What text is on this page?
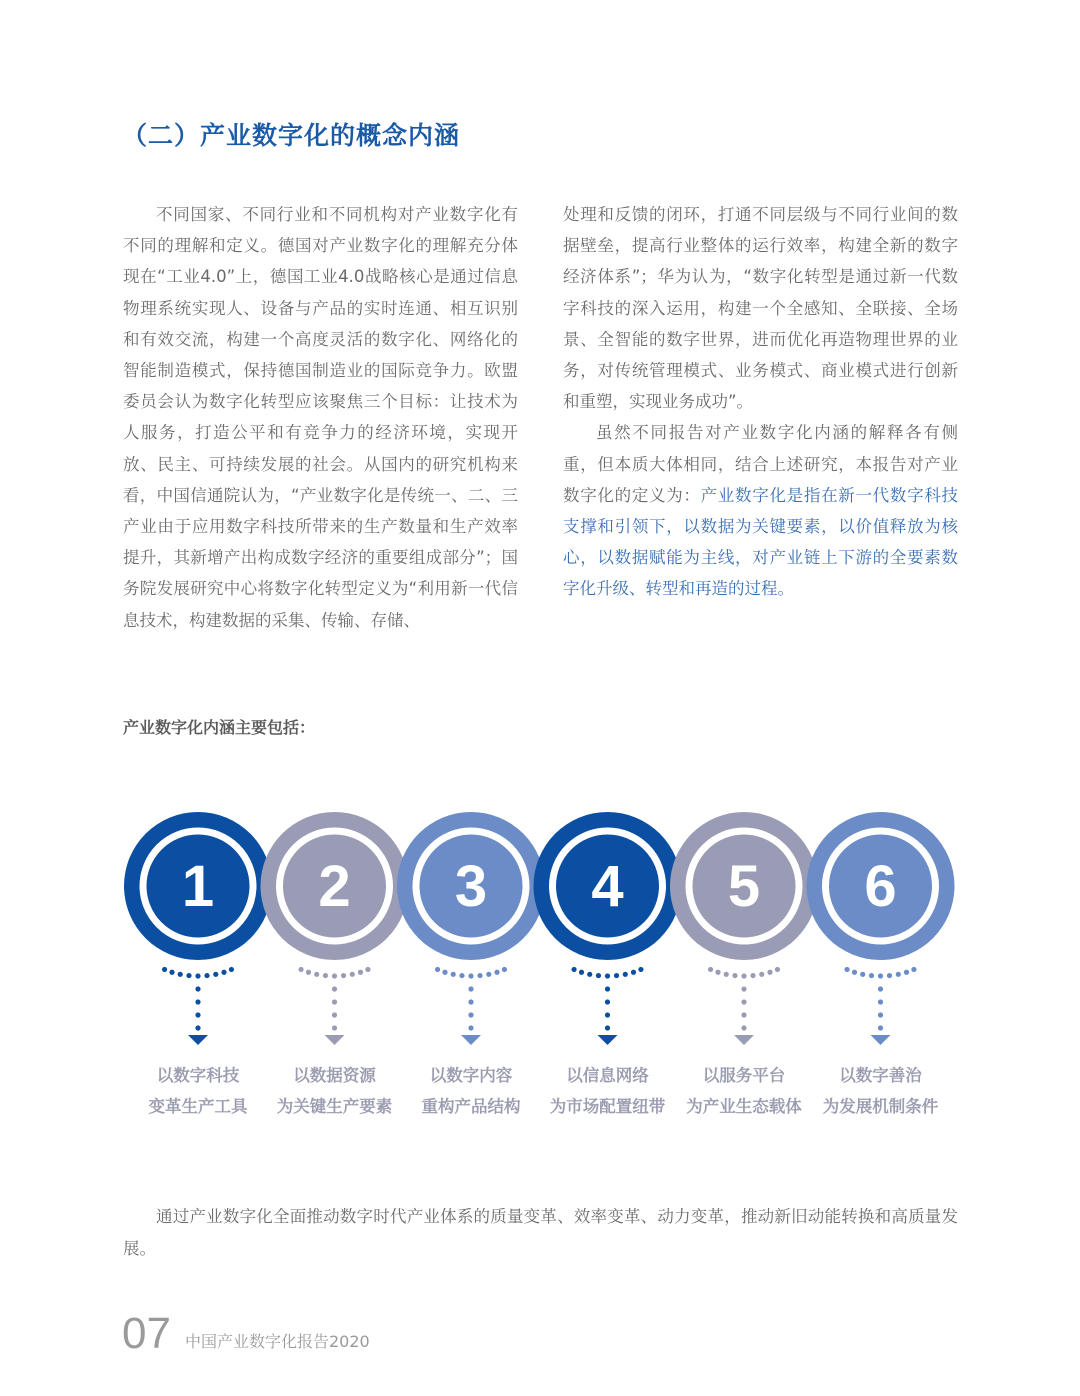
（二）产业数字化的概念内涵

不同国家、不同行业和不同机构对产业数字化有不同的理解和定义。德国对产业数字化的理解充分体现在“工业4.0”上，德国工业4.0战略核心是通过信息物理系统实现人、设备与产品的实时连通、相互识别和有效交流，构建一个高度灵活的数字化、网络化的智能制造模式，保持德国制造业的国际竞争力。欧盟委员会认为数字化转型应该聚焦三个目标：让技术为人服务，打造公平和有竞争力的经济环境，实现开放、民主、可持续发展的社会。从国内的研究机构来看，中国信通院认为，“产业数字化是传统一、二、三产业由于应用数字科技所带来的生产数量和生产效率提升，其新增产出构成数字经济的重要组成部分”；国务院发展研究中心将数字化转型定义为“利用新一代信息技术，构建数据的采集、传输、存储、

处理和反馈的闭环，打通不同层级与不同行业间的数据壁垒，提高行业整体的运行效率，构建全新的数字经济体系”；华为认为，“数字化转型是通过新一代数字科技的深入运用，构建一个全感知、全联接、全场景、全智能的数字世界，进而优化再造物理世界的业务，对传统管理模式、业务模式、商业模式进行创新和重塑，实现业务成功”。

虽然不同报告对产业数字化内涵的解释各有侧重，但本质大体相同，结合上述研究，本报告对产业数字化的定义为：产业数字化是指在新一代数字科技支撑和引领下，以数据为关键要素，以价值释放为核心，以数据赋能为主线，对产业链上下游的全要素数字化升级、转型和再造的过程。

产业数字化内涵主要包括：
1 2 3 4 5 6
以数字科技
变革生产工具
以数据资源
为关键生产要素
以数字内容
重构产品结构
以信息网络
为市场配置纽带
以服务平台
为产业生态载体
以数字善治
为发展机制条件

通过产业数字化全面推动数字时代产业体系的质量变革、效率变革、动力变革，推动新旧动能转换和高质量发展。

07 中国产业数字化报告2020
